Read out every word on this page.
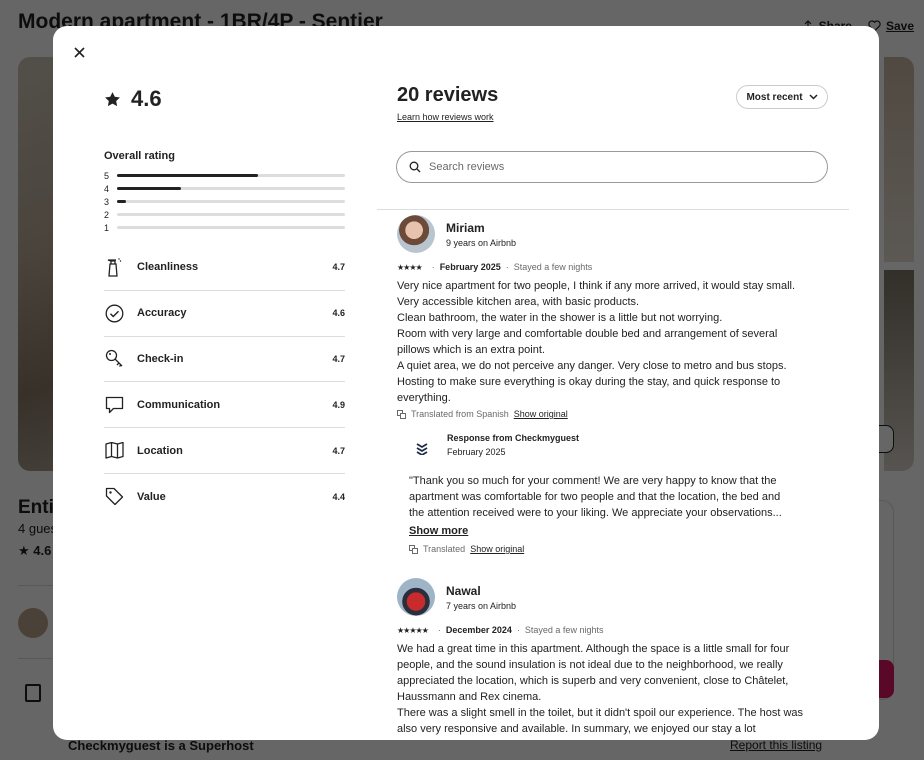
4.6
Overall rating
5
4
3
2
1
Cleanliness	4.7
Accuracy	4.6
Check-in	4.7
Communication	4.9
Location	4.7
Value	4.4
20 reviews
Learn how reviews work
Most recent
Search reviews
Miriam
9 years on Airbnb
★★★★ · February 2025 · Stayed a few nights

Very nice apartment for two people, I think if any more arrived, it would stay small.

Very accessible kitchen area, with basic products.

Clean bathroom, the water in the shower is a little but not worrying.

Room with very large and comfortable double bed and arrangement of several

pillows which is an extra point.

A quiet area, we do not perceive any danger. Very close to metro and bus stops.

Hosting to make sure everything is okay during the stay, and quick response to

everything.

Translated from Spanish Show original
Response from Checkmyguest
February 2025

"Thank you so much for your comment! We are very happy to know that the

apartment was comfortable for two people and that the location, the bed and

the attention received were to your liking. We appreciate your observations...

Show more
Translated Show original
Nawal
7 years on Airbnb
★★★★★ · December 2024 · Stayed a few nights

We had a great time in this apartment. Although the space is a little small for four

people, and the sound insulation is not ideal due to the neighborhood, we really

appreciated the location, which is superb and very convenient, close to Châtelet,

Haussmann and Rex cinema.

There was a slight smell in the toilet, but it didn't spoil our experience. The host was

also very responsive and available. In summary, we enjoyed our stay a lot
